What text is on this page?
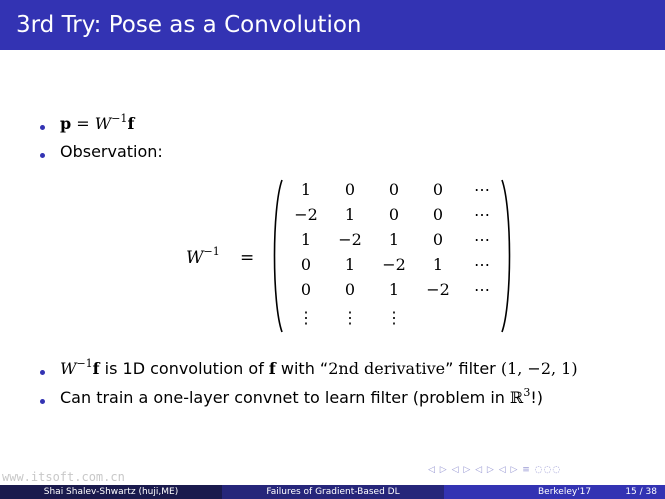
3rd Try: Pose as a Convolution
$p = W^{-1}f$
Observation:
$W^{-1}$ =
1	0	0	0	⋯
−2	1	0	0	⋯
1	−2	1	0	⋯
0	1	−2	1	⋯
0	0	1	−2	⋯
⋮	⋮	⋮
$W^{-1}f$ is 1D convolution of f with “2nd derivative” filter (1, −2, 1)
Can train a one-layer convnet to learn filter (problem in ℝ$^3$!)
◁ ▷ ◁ ▷ ◁ ▷ ◁ ▷ ≡ ◌◌◌
www.itsoft.com.cn
Shai Shalev-Shwartz (huji,ME)	Failures of Gradient-Based DL	Berkeley'17	15 / 38
